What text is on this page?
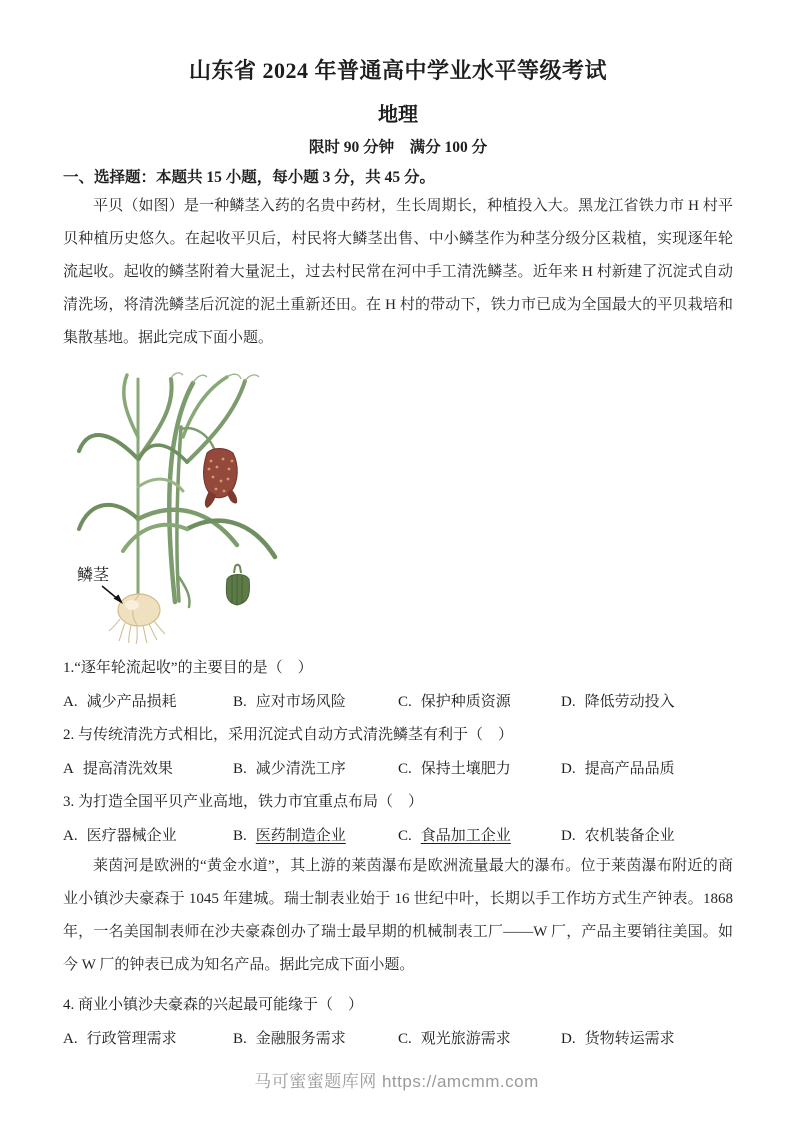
山东省 2024 年普通高中学业水平等级考试
地理
限时 90 分钟　满分 100 分
一、选择题：本题共 15 小题，每小题 3 分，共 45 分。

平贝（如图）是一种鳞茎入药的名贵中药材，生长周期长，种植投入大。黑龙江省铁力市 H 村平贝种植历史悠久。在起收平贝后，村民将大鳞茎出售、中小鳞茎作为种茎分级分区栽植，实现逐年轮流起收。起收的鳞茎附着大量泥土，过去村民常在河中手工清洗鳞茎。近年来 H 村新建了沉淀式自动清洗场，将清洗鳞茎后沉淀的泥土重新还田。在 H 村的带动下，铁力市已成为全国最大的平贝栽培和集散基地。据此完成下面小题。

鳞茎

1.“逐年轮流起收”的主要目的是（　）

A. 减少产品损耗	B. 应对市场风险	C. 保护种质资源	D. 降低劳动投入

2. 与传统清洗方式相比，采用沉淀式自动方式清洗鳞茎有利于（　）

A 提高清洗效果	B. 减少清洗工序	C. 保持土壤肥力	D. 提高产品品质

3. 为打造全国平贝产业高地，铁力市宜重点布局（　）

A. 医疗器械企业	B. 医药制造企业	C. 食品加工企业	D. 农机装备企业

莱茵河是欧洲的“黄金水道”，其上游的莱茵瀑布是欧洲流量最大的瀑布。位于莱茵瀑布附近的商业小镇沙夫豪森于 1045 年建城。瑞士制表业始于 16 世纪中叶，长期以手工作坊方式生产钟表。1868 年，一名美国制表师在沙夫豪森创办了瑞士最早期的机械制表工厂——W 厂，产品主要销往美国。如今 W 厂的钟表已成为知名产品。据此完成下面小题。

4. 商业小镇沙夫豪森的兴起最可能缘于（　）

A. 行政管理需求	B. 金融服务需求	C. 观光旅游需求	D. 货物转运需求
马可蜜蜜题库网 https://amcmm.com
